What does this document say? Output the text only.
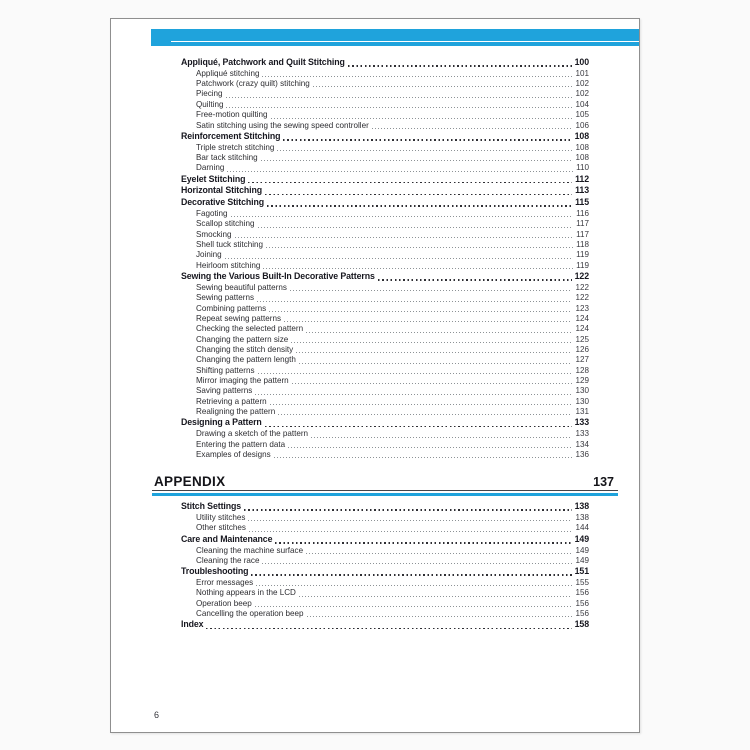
Appliqué, Patchwork and Quilt Stitching	100
Appliqué stitching	101
Patchwork (crazy quilt) stitching	102
Piecing	102
Quilting	104
Free-motion quilting	105
Satin stitching using the sewing speed controller	106
Reinforcement Stitching	108
Triple stretch stitching	108
Bar tack stitching	108
Darning	110
Eyelet Stitching	112
Horizontal Stitching	113
Decorative Stitching	115
Fagoting	116
Scallop stitching	117
Smocking	117
Shell tuck stitching	118
Joining	119
Heirloom stitching	119
Sewing the Various Built-In Decorative Patterns	122
Sewing beautiful patterns	122
Sewing patterns	122
Combining patterns	123
Repeat sewing patterns	124
Checking the selected pattern	124
Changing the pattern size	125
Changing the stitch density	126
Changing the pattern length	127
Shifting patterns	128
Mirror imaging the pattern	129
Saving patterns	130
Retrieving a pattern	130
Realigning the pattern	131
Designing a Pattern	133
Drawing a sketch of the pattern	133
Entering the pattern data	134
Examples of designs	136
APPENDIX	137
Stitch Settings	138
Utility stitches	138
Other stitches	144
Care and Maintenance	149
Cleaning the machine surface	149
Cleaning the race	149
Troubleshooting	151
Error messages	155
Nothing appears in the LCD	156
Operation beep	156
Cancelling the operation beep	156
Index	158
6
